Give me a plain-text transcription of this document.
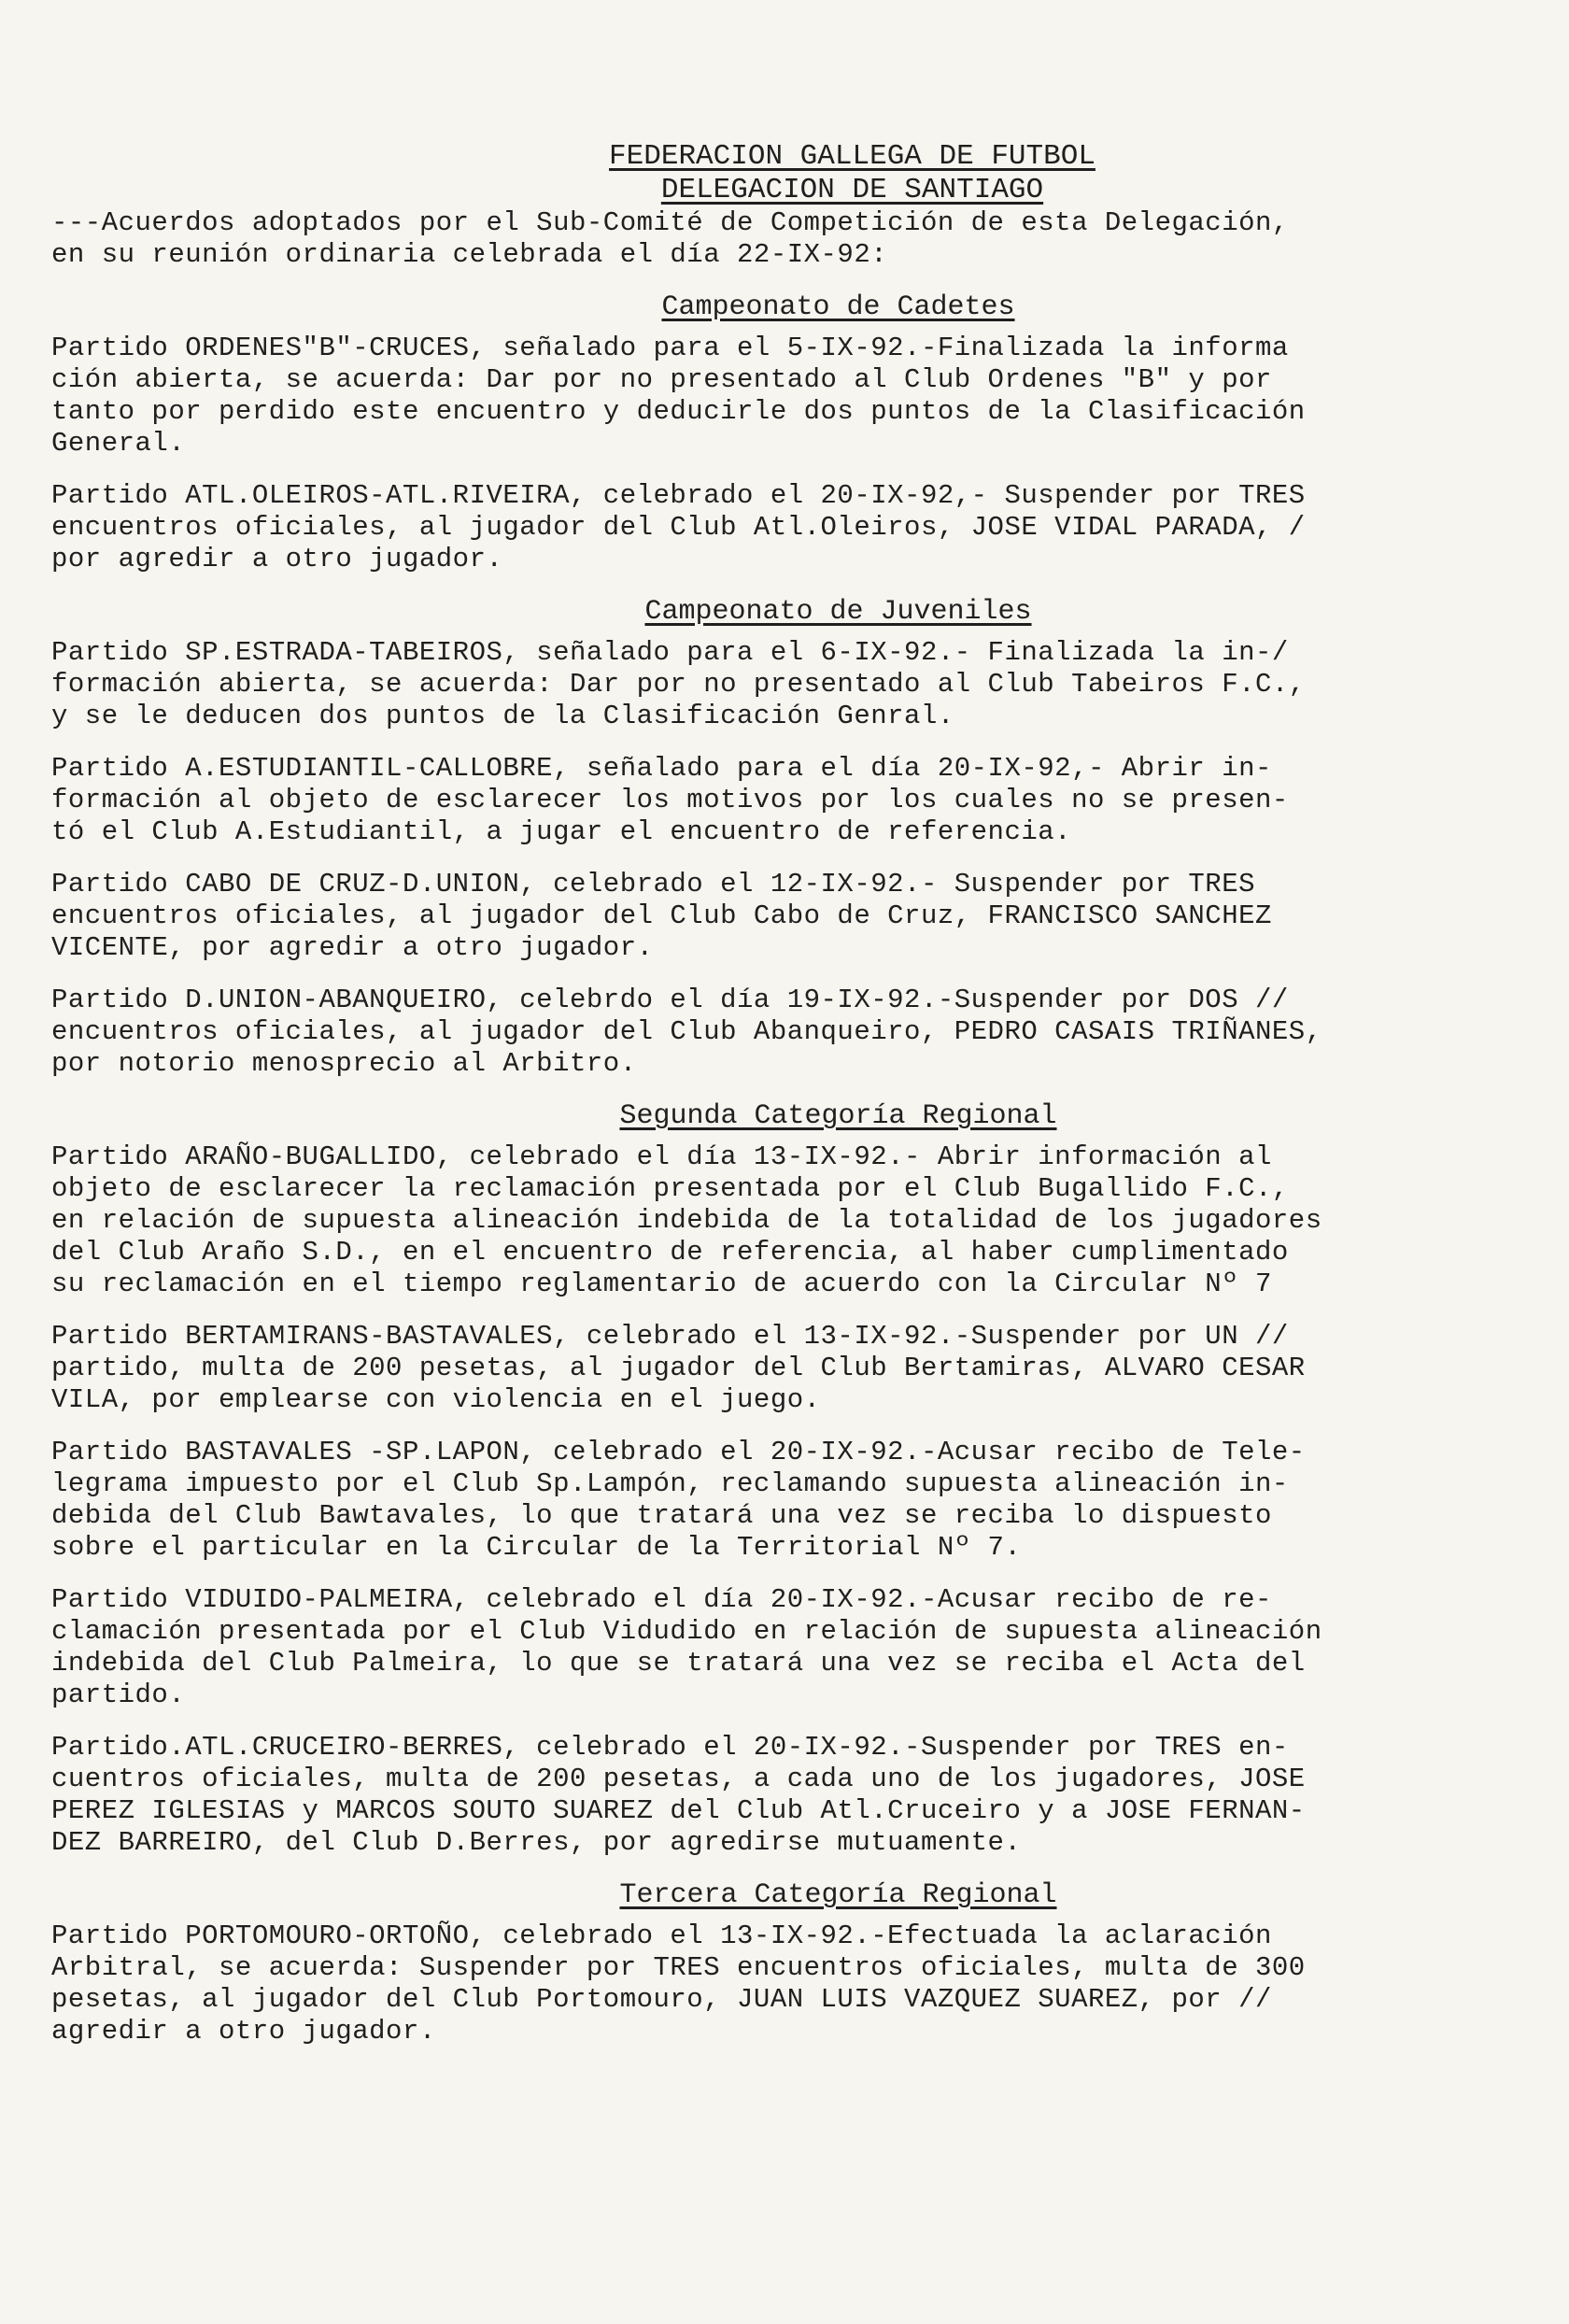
FEDERACION GALLEGA DE FUTBOL
DELEGACION DE SANTIAGO

---Acuerdos adoptados por el Sub-Comité de Competición de esta Delegación,
en su reunión ordinaria celebrada el día 22-IX-92:

Campeonato de Cadetes

Partido ORDENES"B"-CRUCES, señalado para el 5-IX-92.-Finalizada la informa
ción abierta, se acuerda: Dar por no presentado al Club Ordenes "B" y por
tanto por perdido este encuentro y deducirle dos puntos de la Clasificación
General.

Partido ATL.OLEIROS-ATL.RIVEIRA, celebrado el 20-IX-92,- Suspender por TRES
encuentros oficiales, al jugador del Club Atl.Oleiros, JOSE VIDAL PARADA, /
por agredir a otro jugador.

Campeonato de Juveniles

Partido SP.ESTRADA-TABEIROS, señalado para el 6-IX-92.- Finalizada la in-/
formación abierta, se acuerda: Dar por no presentado al Club Tabeiros F.C.,
y se le deducen dos puntos de la Clasificación Genral.

Partido A.ESTUDIANTIL-CALLOBRE, señalado para el día 20-IX-92,- Abrir in-
formación al objeto de esclarecer los motivos por los cuales no se presen-
tó el Club A.Estudiantil, a jugar el encuentro de referencia.

Partido CABO DE CRUZ-D.UNION, celebrado el 12-IX-92.- Suspender por TRES
encuentros oficiales, al jugador del Club Cabo de Cruz, FRANCISCO SANCHEZ
VICENTE, por agredir a otro jugador.

Partido D.UNION-ABANQUEIRO, celebrdo el día 19-IX-92.-Suspender por DOS //
encuentros oficiales, al jugador del Club Abanqueiro, PEDRO CASAIS TRIÑANES,
por notorio menosprecio al Arbitro.

Segunda Categoría Regional

Partido ARAÑO-BUGALLIDO, celebrado el día 13-IX-92.- Abrir información al
objeto de esclarecer la reclamación presentada por el Club Bugallido F.C.,
en relación de supuesta alineación indebida de la totalidad de los jugadores
del Club Araño S.D., en el encuentro de referencia, al haber cumplimentado
su reclamación en el tiempo reglamentario de acuerdo con la Circular Nº 7

Partido BERTAMIRANS-BASTAVALES, celebrado el 13-IX-92.-Suspender por UN //
partido, multa de 200 pesetas, al jugador del Club Bertamiras, ALVARO CESAR
VILA, por emplearse con violencia en el juego.

Partido BASTAVALES -SP.LAPON, celebrado el 20-IX-92.-Acusar recibo de Tele-
legrama impuesto por el Club Sp.Lampón, reclamando supuesta alineación in-
debida del Club Bawtavales, lo que tratará una vez se reciba lo dispuesto
sobre el particular en la Circular de la Territorial Nº 7.

Partido VIDUIDO-PALMEIRA, celebrado el día 20-IX-92.-Acusar recibo de re-
clamación presentada por el Club Vidudido en relación de supuesta alineación
indebida del Club Palmeira, lo que se tratará una vez se reciba el Acta del
partido.

Partido.ATL.CRUCEIRO-BERRES, celebrado el 20-IX-92.-Suspender por TRES en-
cuentros oficiales, multa de 200 pesetas, a cada uno de los jugadores, JOSE
PEREZ IGLESIAS y MARCOS SOUTO SUAREZ del Club Atl.Cruceiro y a JOSE FERNAN-
DEZ BARREIRO, del Club D.Berres, por agredirse mutuamente.

Tercera Categoría Regional

Partido PORTOMOURO-ORTOÑO, celebrado el 13-IX-92.-Efectuada la aclaración
Arbitral, se acuerda: Suspender por TRES encuentros oficiales, multa de 300
pesetas, al jugador del Club Portomouro, JUAN LUIS VAZQUEZ SUAREZ, por //
agredir a otro jugador.
